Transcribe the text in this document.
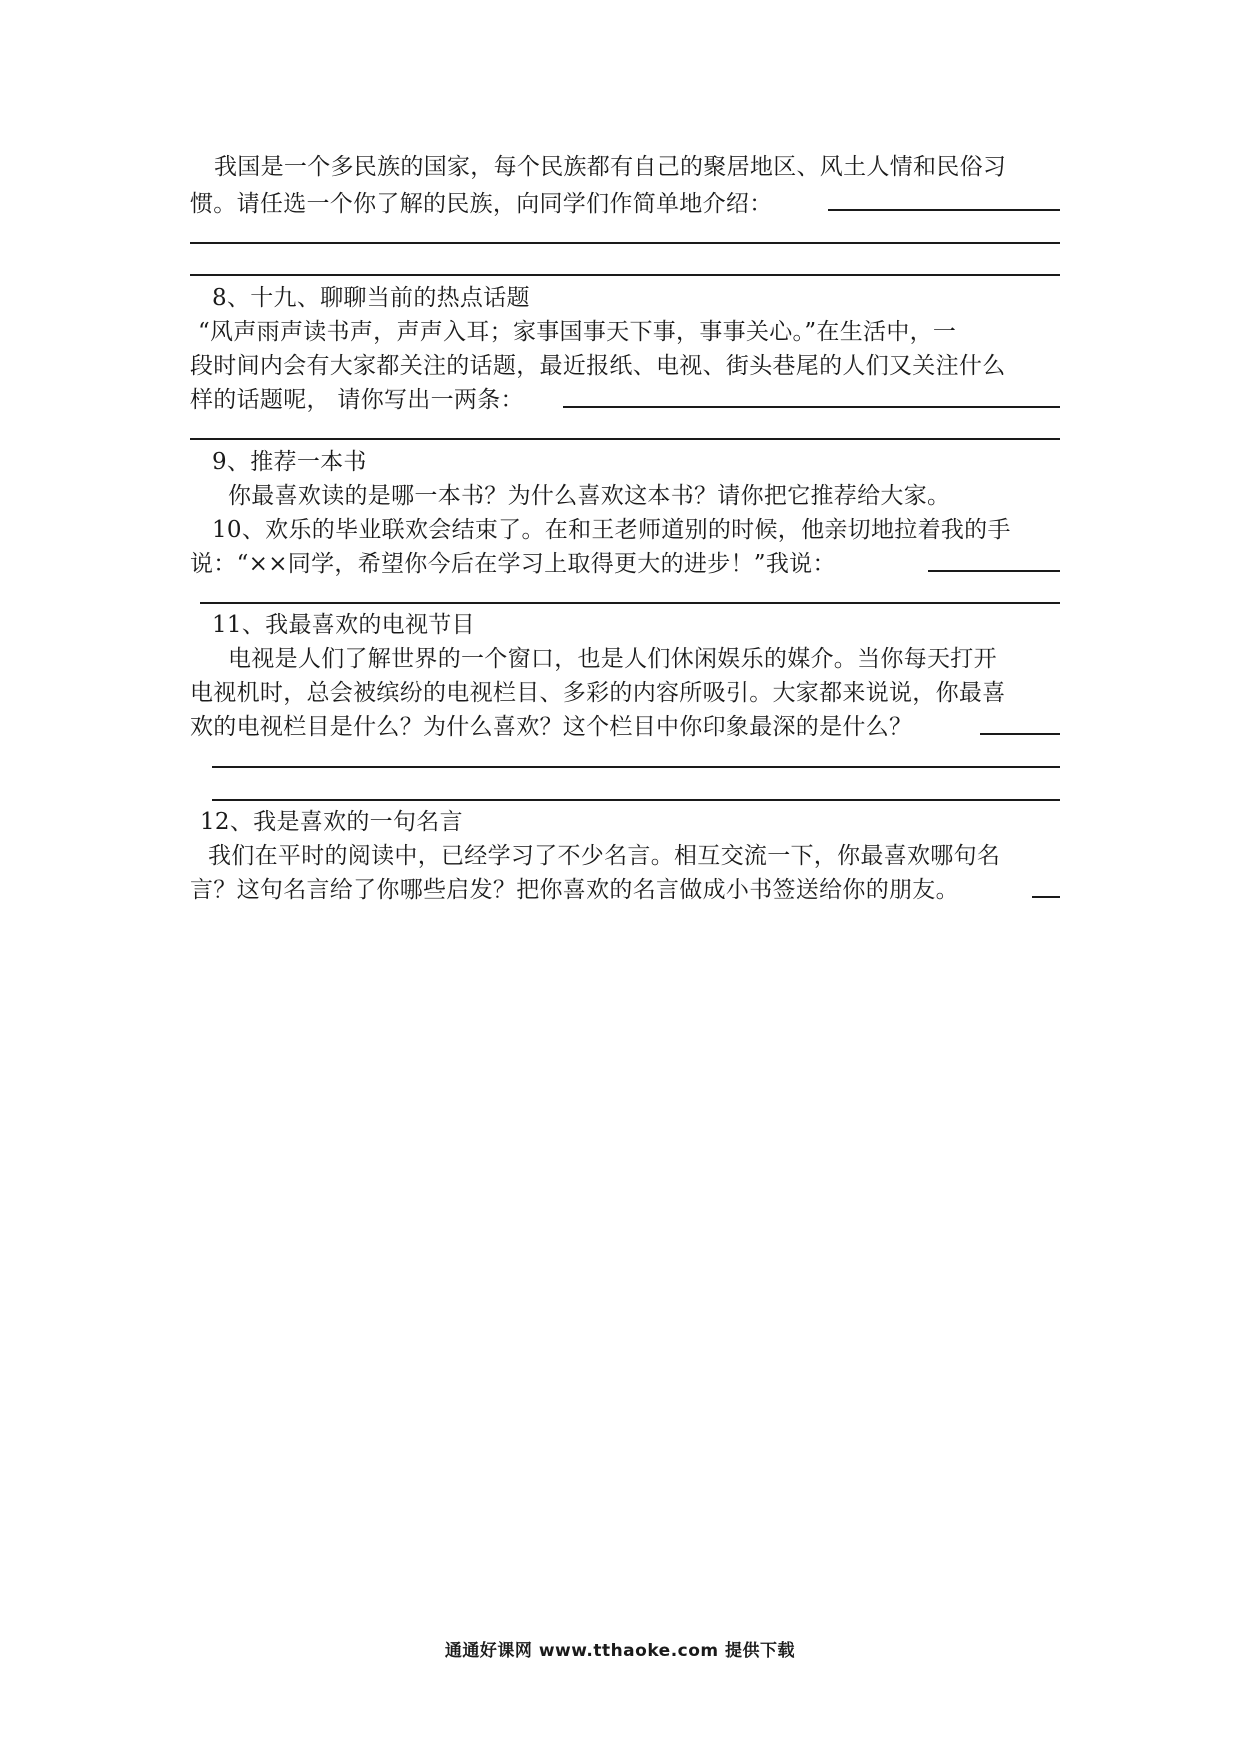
我国是一个多民族的国家，每个民族都有自己的聚居地区、风土人情和民俗习
惯。请任选一个你了解的民族，向同学们作简单地介绍：
8、十九、聊聊当前的热点话题
“风声雨声读书声，声声入耳；家事国事天下事，事事关心。”在生活中，一
段时间内会有大家都关注的话题，最近报纸、电视、街头巷尾的人们又关注什么
样的话题呢， 请你写出一两条：
9、推荐一本书
你最喜欢读的是哪一本书？为什么喜欢这本书？请你把它推荐给大家。
10、欢乐的毕业联欢会结束了。在和王老师道别的时候，他亲切地拉着我的手
说：“××同学，希望你今后在学习上取得更大的进步！”我说：
11、我最喜欢的电视节目
电视是人们了解世界的一个窗口，也是人们休闲娱乐的媒介。当你每天打开
电视机时，总会被缤纷的电视栏目、多彩的内容所吸引。大家都来说说，你最喜
欢的电视栏目是什么？为什么喜欢？这个栏目中你印象最深的是什么？
12、我是喜欢的一句名言
我们在平时的阅读中，已经学习了不少名言。相互交流一下，你最喜欢哪句名
言？这句名言给了你哪些启发？把你喜欢的名言做成小书签送给你的朋友。
通通好课网 www.tthaoke.com 提供下载
